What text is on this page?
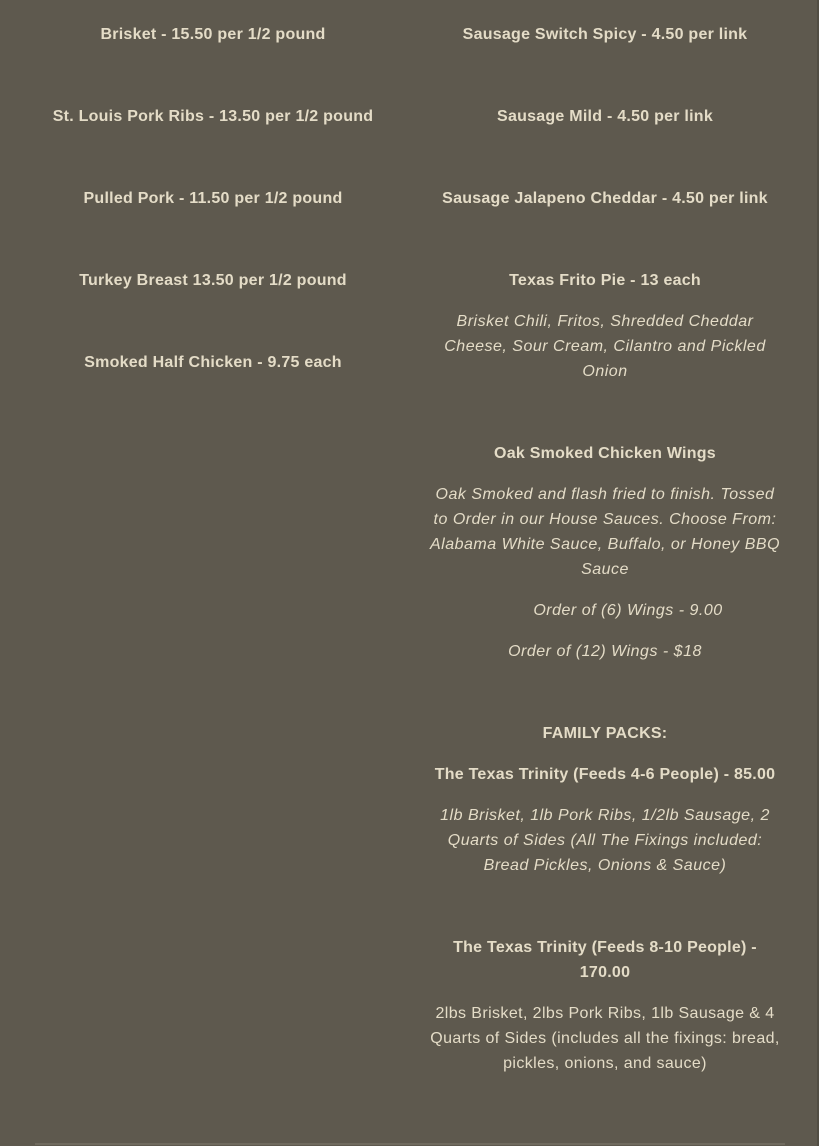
Brisket - 15.50 per 1/2 pound

St. Louis Pork Ribs - 13.50 per 1/2 pound

Pulled Pork - 11.50 per 1/2 pound

Turkey Breast 13.50 per 1/2 pound

Smoked Half Chicken - 9.75 each

Sausage Switch Spicy - 4.50 per link

Sausage Mild - 4.50 per link

Sausage Jalapeno Cheddar - 4.50 per link

Texas Frito Pie - 13 each

Brisket Chili, Fritos, Shredded Cheddar Cheese, Sour Cream, Cilantro and Pickled Onion

Oak Smoked Chicken Wings

Oak Smoked and flash fried to finish. Tossed to Order in our House Sauces. Choose From: Alabama White Sauce, Buffalo, or Honey BBQ Sauce

Order of (6) Wings - 9.00

Order of (12) Wings - $18

FAMILY PACKS:

The Texas Trinity (Feeds 4-6 People) - 85.00

1lb Brisket, 1lb Pork Ribs, 1/2lb Sausage, 2 Quarts of Sides (All The Fixings included: Bread Pickles, Onions & Sauce)

The Texas Trinity (Feeds 8-10 People) - 170.00

2lbs Brisket, 2lbs Pork Ribs, 1lb Sausage & 4 Quarts of Sides (includes all the fixings: bread, pickles, onions, and sauce)
